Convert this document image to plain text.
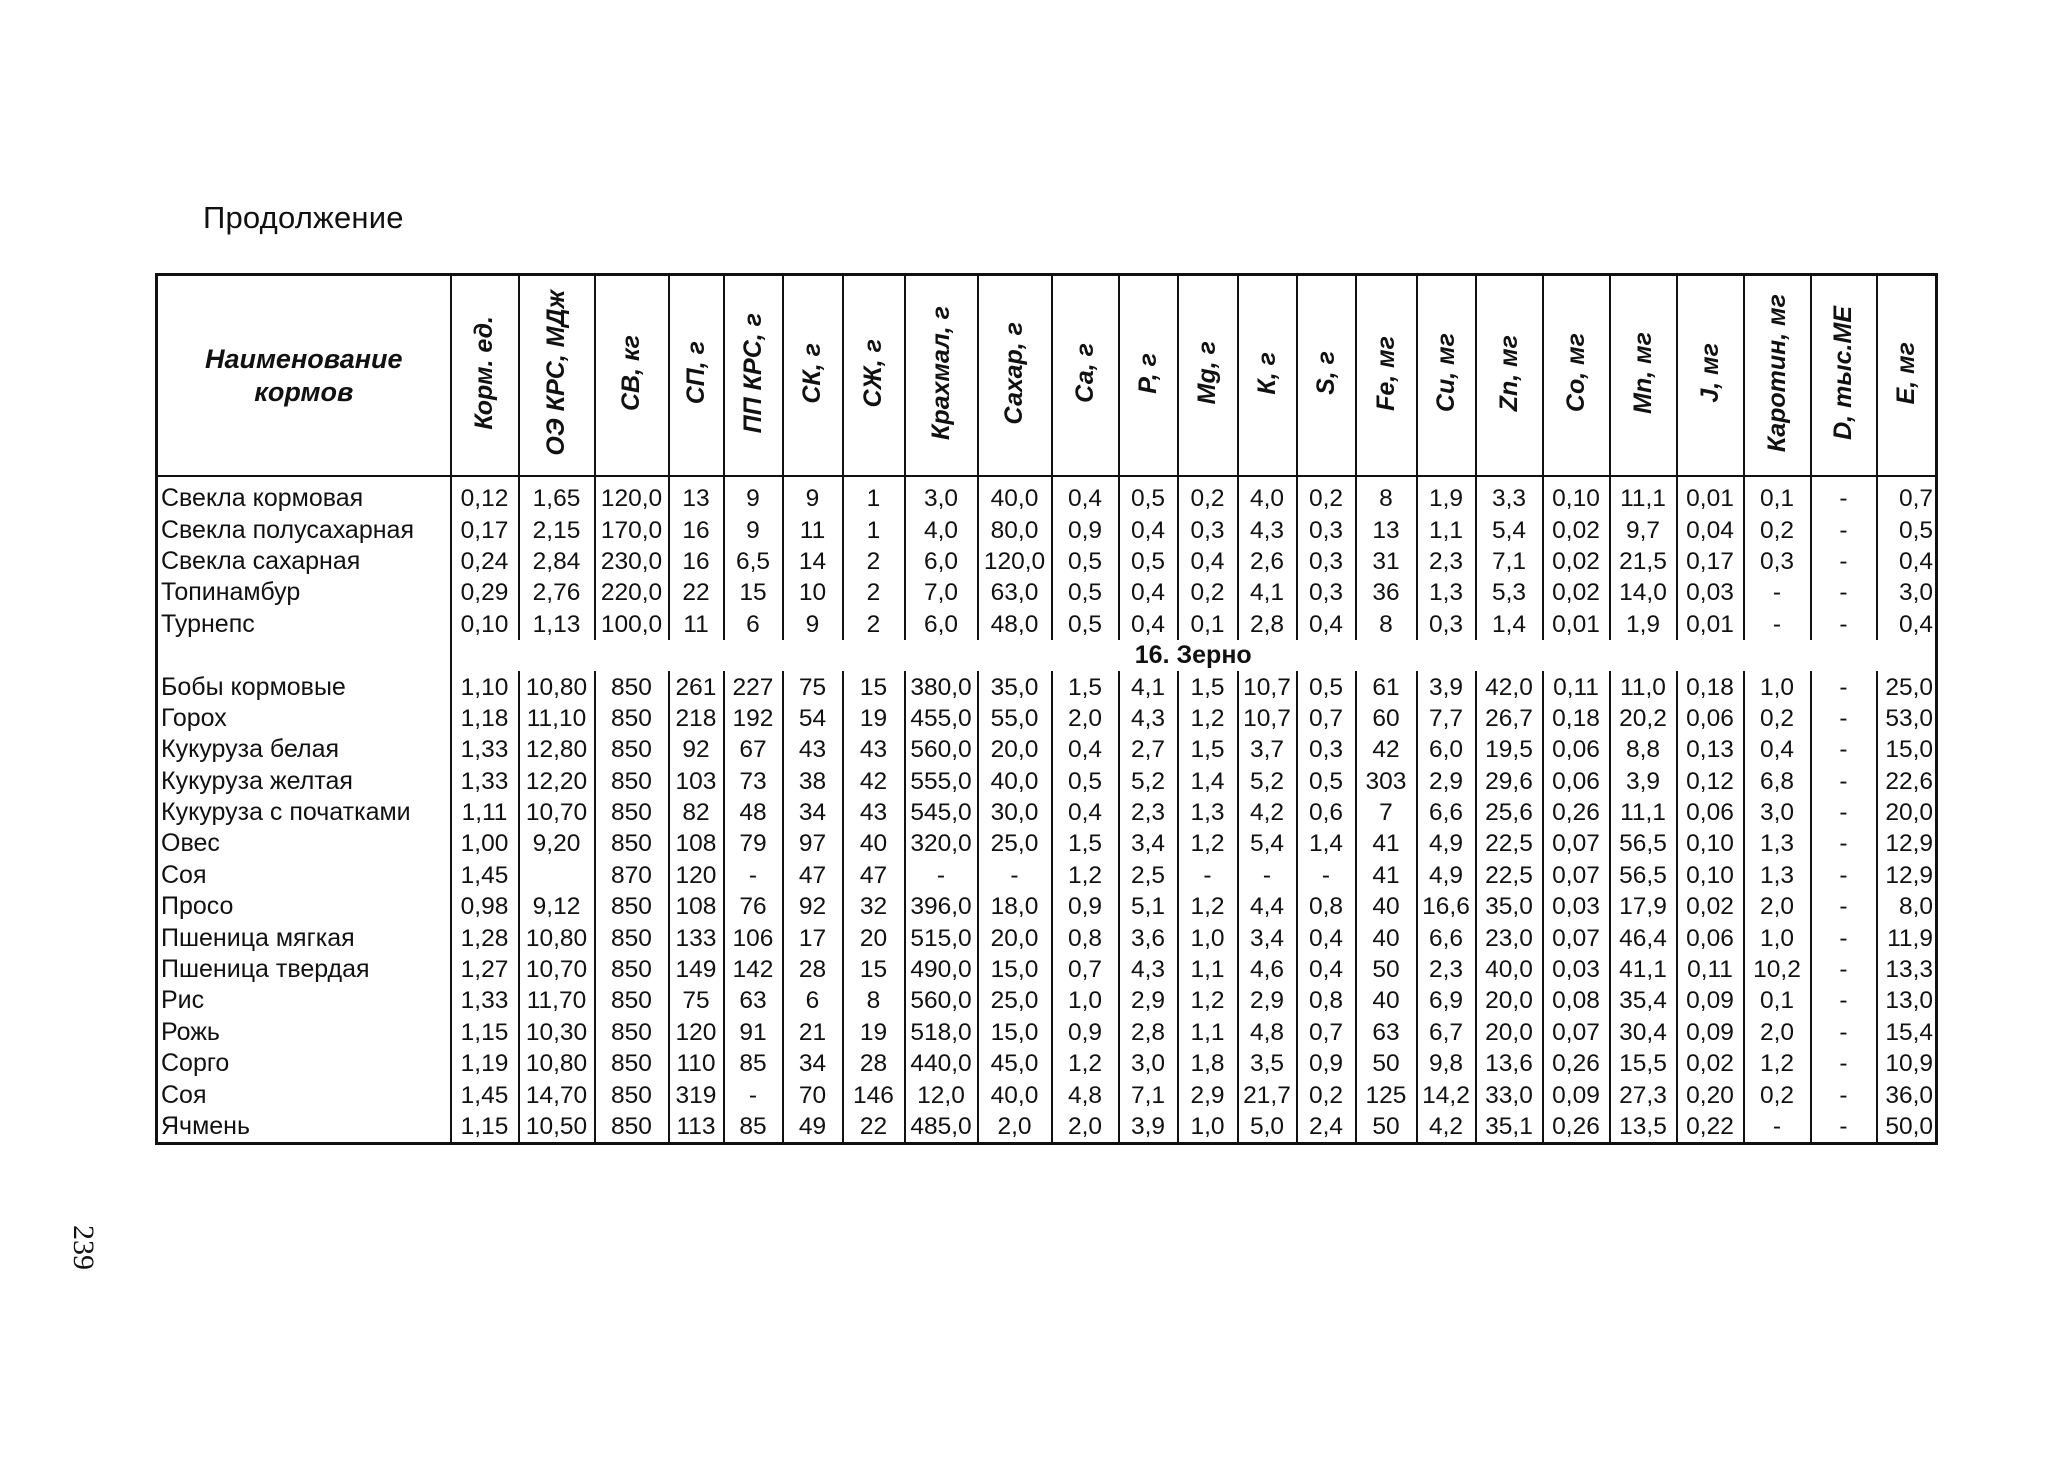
Продолжение
Наименование кормов	Корм. ед.	ОЭ КРС, МДж	СВ, кг	СП, г	ПП КРС, г	СК, г	СЖ, г	Крахмал, г	Сахар, г	Са, г	Р, г	Mg, г	К, г	S, г	Fe, мг	Cu, мг	Zn, мг	Со, мг	Mn, мг	J, мг	Каротин, мг	D, тыс.МЕ	Е, мг
Свекла кормовая	0,12	1,65	120,0	13	9	9	1	3,0	40,0	0,4	0,5	0,2	4,0	0,2	8	1,9	3,3	0,10	11,1	0,01	0,1	-	0,7
Свекла полусахарная	0,17	2,15	170,0	16	9	11	1	4,0	80,0	0,9	0,4	0,3	4,3	0,3	13	1,1	5,4	0,02	9,7	0,04	0,2	-	0,5
Свекла сахарная	0,24	2,84	230,0	16	6,5	14	2	6,0	120,0	0,5	0,5	0,4	2,6	0,3	31	2,3	7,1	0,02	21,5	0,17	0,3	-	0,4
Топинамбур	0,29	2,76	220,0	22	15	10	2	7,0	63,0	0,5	0,4	0,2	4,1	0,3	36	1,3	5,3	0,02	14,0	0,03	-	-	3,0
Турнепс	0,10	1,13	100,0	11	6	9	2	6,0	48,0	0,5	0,4	0,1	2,8	0,4	8	0,3	1,4	0,01	1,9	0,01	-	-	0,4
	16. Зерно																						
Бобы кормовые	1,10	10,80	850	261	227	75	15	380,0	35,0	1,5	4,1	1,5	10,7	0,5	61	3,9	42,0	0,11	11,0	0,18	1,0	-	25,0
Горох	1,18	11,10	850	218	192	54	19	455,0	55,0	2,0	4,3	1,2	10,7	0,7	60	7,7	26,7	0,18	20,2	0,06	0,2	-	53,0
Кукуруза белая	1,33	12,80	850	92	67	43	43	560,0	20,0	0,4	2,7	1,5	3,7	0,3	42	6,0	19,5	0,06	8,8	0,13	0,4	-	15,0
Кукуруза желтая	1,33	12,20	850	103	73	38	42	555,0	40,0	0,5	5,2	1,4	5,2	0,5	303	2,9	29,6	0,06	3,9	0,12	6,8	-	22,6
Кукуруза с початками	1,11	10,70	850	82	48	34	43	545,0	30,0	0,4	2,3	1,3	4,2	0,6	7	6,6	25,6	0,26	11,1	0,06	3,0	-	20,0
Овес	1,00	9,20	850	108	79	97	40	320,0	25,0	1,5	3,4	1,2	5,4	1,4	41	4,9	22,5	0,07	56,5	0,10	1,3	-	12,9
Соя	1,45		870	120	-	47	47	-	-	1,2	2,5	-	-	-	41	4,9	22,5	0,07	56,5	0,10	1,3	-	12,9
Просо	0,98	9,12	850	108	76	92	32	396,0	18,0	0,9	5,1	1,2	4,4	0,8	40	16,6	35,0	0,03	17,9	0,02	2,0	-	8,0
Пшеница мягкая	1,28	10,80	850	133	106	17	20	515,0	20,0	0,8	3,6	1,0	3,4	0,4	40	6,6	23,0	0,07	46,4	0,06	1,0	-	11,9
Пшеница твердая	1,27	10,70	850	149	142	28	15	490,0	15,0	0,7	4,3	1,1	4,6	0,4	50	2,3	40,0	0,03	41,1	0,11	10,2	-	13,3
Рис	1,33	11,70	850	75	63	6	8	560,0	25,0	1,0	2,9	1,2	2,9	0,8	40	6,9	20,0	0,08	35,4	0,09	0,1	-	13,0
Рожь	1,15	10,30	850	120	91	21	19	518,0	15,0	0,9	2,8	1,1	4,8	0,7	63	6,7	20,0	0,07	30,4	0,09	2,0	-	15,4
Сорго	1,19	10,80	850	110	85	34	28	440,0	45,0	1,2	3,0	1,8	3,5	0,9	50	9,8	13,6	0,26	15,5	0,02	1,2	-	10,9
Соя	1,45	14,70	850	319	-	70	146	12,0	40,0	4,8	7,1	2,9	21,7	0,2	125	14,2	33,0	0,09	27,3	0,20	0,2	-	36,0
Ячмень	1,15	10,50	850	113	85	49	22	485,0	2,0	2,0	3,9	1,0	5,0	2,4	50	4,2	35,1	0,26	13,5	0,22	-	-	50,0
239
